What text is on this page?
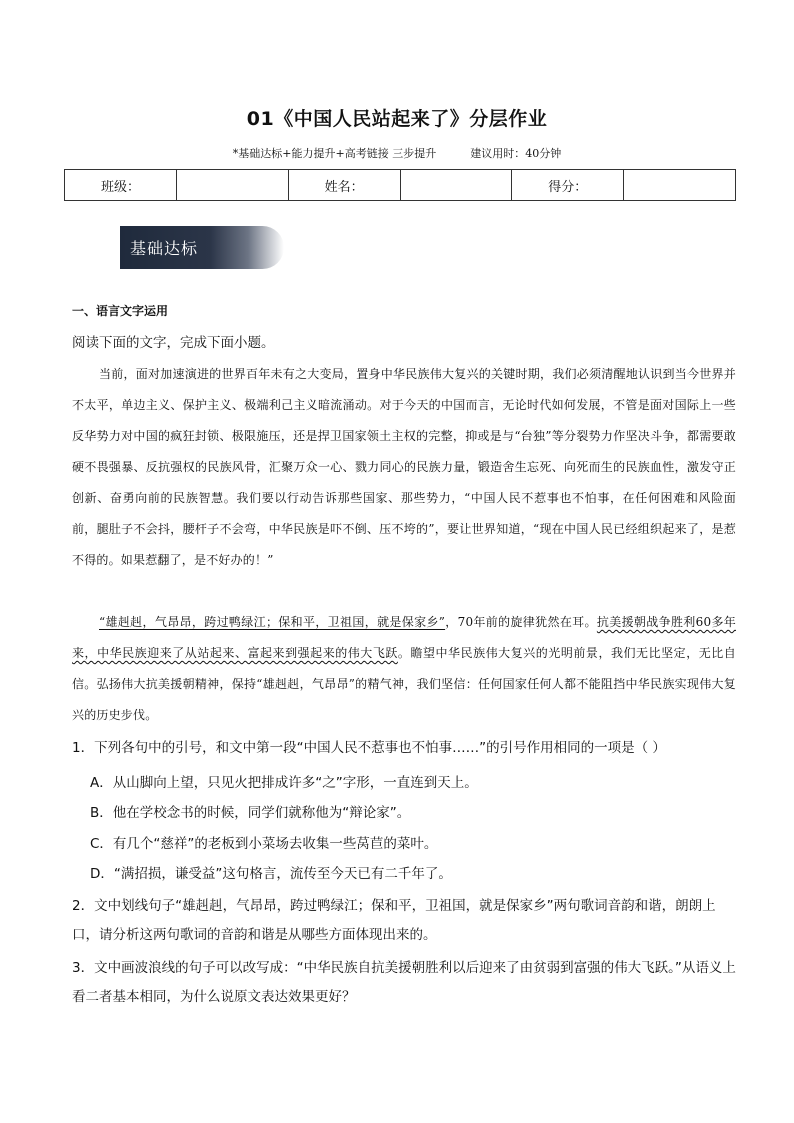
01《中国人民站起来了》分层作业
*基础达标+能力提升+高考链接 三步提升	建议用时：40分钟
班级：		姓名：		得分：	
基础达标
一、语言文字运用
阅读下面的文字，完成下面小题。
当前，面对加速演进的世界百年未有之大变局，置身中华民族伟大复兴的关键时期，我们必须清醒地认识到当今世界并不太平，单边主义、保护主义、极端利己主义暗流涌动。对于今天的中国而言，无论时代如何发展，不管是面对国际上一些反华势力对中国的疯狂封锁、极限施压，还是捍卫国家领土主权的完整，抑或是与“台独”等分裂势力作坚决斗争，都需要敢硬不畏强暴、反抗强权的民族风骨，汇聚万众一心、戮力同心的民族力量，锻造舍生忘死、向死而生的民族血性，激发守正创新、奋勇向前的民族智慧。我们要以行动告诉那些国家、那些势力，“中国人民不惹事也不怕事，在任何困难和风险面前，腿肚子不会抖，腰杆子不会弯，中华民族是吓不倒、压不垮的”，要让世界知道，“现在中国人民已经组织起来了，是惹不得的。如果惹翻了，是不好办的！”
“雄赳赳，气昂昂，跨过鸭绿江；保和平，卫祖国，就是保家乡”，70年前的旋律犹然在耳。抗美援朝战争胜利60多年来，中华民族迎来了从站起来、富起来到强起来的伟大飞跃。瞻望中华民族伟大复兴的光明前景，我们无比坚定，无比自信。弘扬伟大抗美援朝精神，保持“雄赳赳，气昂昂”的精气神，我们坚信：任何国家任何人都不能阻挡中华民族实现伟大复兴的历史步伐。
1．下列各句中的引号，和文中第一段“中国人民不惹事也不怕事……”的引号作用相同的一项是（ ）
A．从山脚向上望，只见火把排成许多“之”字形，一直连到天上。
B．他在学校念书的时候，同学们就称他为“辩论家”。
C．有几个“慈祥”的老板到小菜场去收集一些莴苣的菜叶。
D．“满招损，谦受益”这句格言，流传至今天已有二千年了。
2．文中划线句子“雄赳赳，气昂昂，跨过鸭绿江；保和平，卫祖国，就是保家乡”两句歌词音韵和谐，朗朗上口，请分析这两句歌词的音韵和谐是从哪些方面体现出来的。
3．文中画波浪线的句子可以改写成：“中华民族自抗美援朝胜利以后迎来了由贫弱到富强的伟大飞跃。”从语义上看二者基本相同，为什么说原文表达效果更好？
